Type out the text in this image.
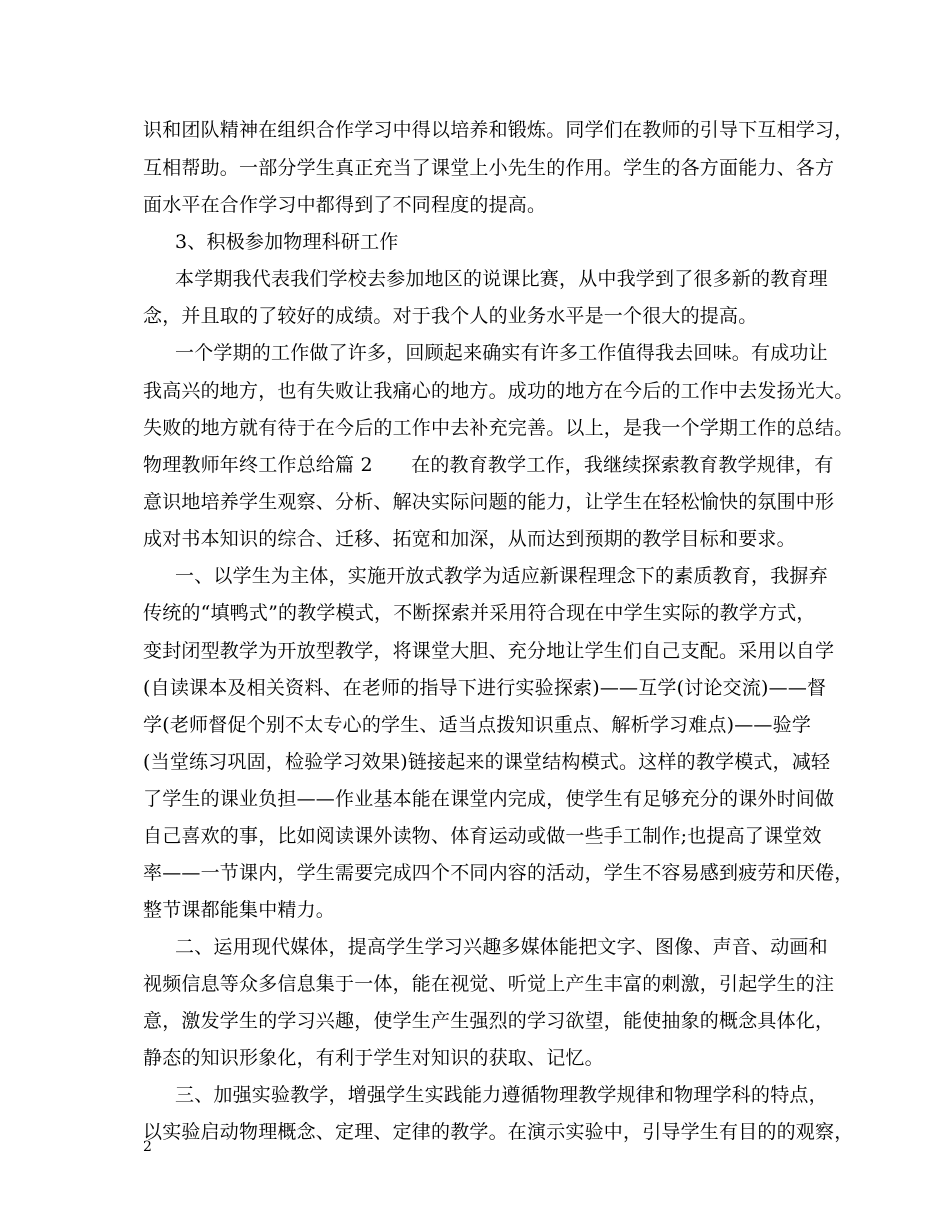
识和团队精神在组织合作学习中得以培养和锻炼。同学们在教师的引导下互相学习，
互相帮助。一部分学生真正充当了课堂上小先生的作用。学生的各方面能力、各方
面水平在合作学习中都得到了不同程度的提高。
3、积极参加物理科研工作
本学期我代表我们学校去参加地区的说课比赛，从中我学到了很多新的教育理
念，并且取的了较好的成绩。对于我个人的业务水平是一个很大的提高。
一个学期的工作做了许多，回顾起来确实有许多工作值得我去回味。有成功让
我高兴的地方，也有失败让我痛心的地方。成功的地方在今后的工作中去发扬光大。
失败的地方就有待于在今后的工作中去补充完善。以上，是我一个学期工作的总结。
物理教师年终工作总给篇 2　　在的教育教学工作，我继续探索教育教学规律，有
意识地培养学生观察、分析、解决实际问题的能力，让学生在轻松愉快的氛围中形
成对书本知识的综合、迁移、拓宽和加深，从而达到预期的教学目标和要求。
一、以学生为主体，实施开放式教学为适应新课程理念下的素质教育，我摒弃
传统的“填鸭式”的教学模式，不断探索并采用符合现在中学生实际的教学方式，
变封闭型教学为开放型教学，将课堂大胆、充分地让学生们自己支配。采用以自学
(自读课本及相关资料、在老师的指导下进行实验探索)——互学(讨论交流)——督
学(老师督促个别不太专心的学生、适当点拨知识重点、解析学习难点)——验学
(当堂练习巩固，检验学习效果)链接起来的课堂结构模式。这样的教学模式，减轻
了学生的课业负担——作业基本能在课堂内完成，使学生有足够充分的课外时间做
自己喜欢的事，比如阅读课外读物、体育运动或做一些手工制作;也提高了课堂效
率——一节课内，学生需要完成四个不同内容的活动，学生不容易感到疲劳和厌倦，
整节课都能集中精力。
二、运用现代媒体，提高学生学习兴趣多媒体能把文字、图像、声音、动画和
视频信息等众多信息集于一体，能在视觉、听觉上产生丰富的刺激，引起学生的注
意，激发学生的学习兴趣，使学生产生强烈的学习欲望，能使抽象的概念具体化，
静态的知识形象化，有利于学生对知识的获取、记忆。
三、加强实验教学，增强学生实践能力遵循物理教学规律和物理学科的特点，
以实验启动物理概念、定理、定律的教学。在演示实验中，引导学生有目的的观察，
2
